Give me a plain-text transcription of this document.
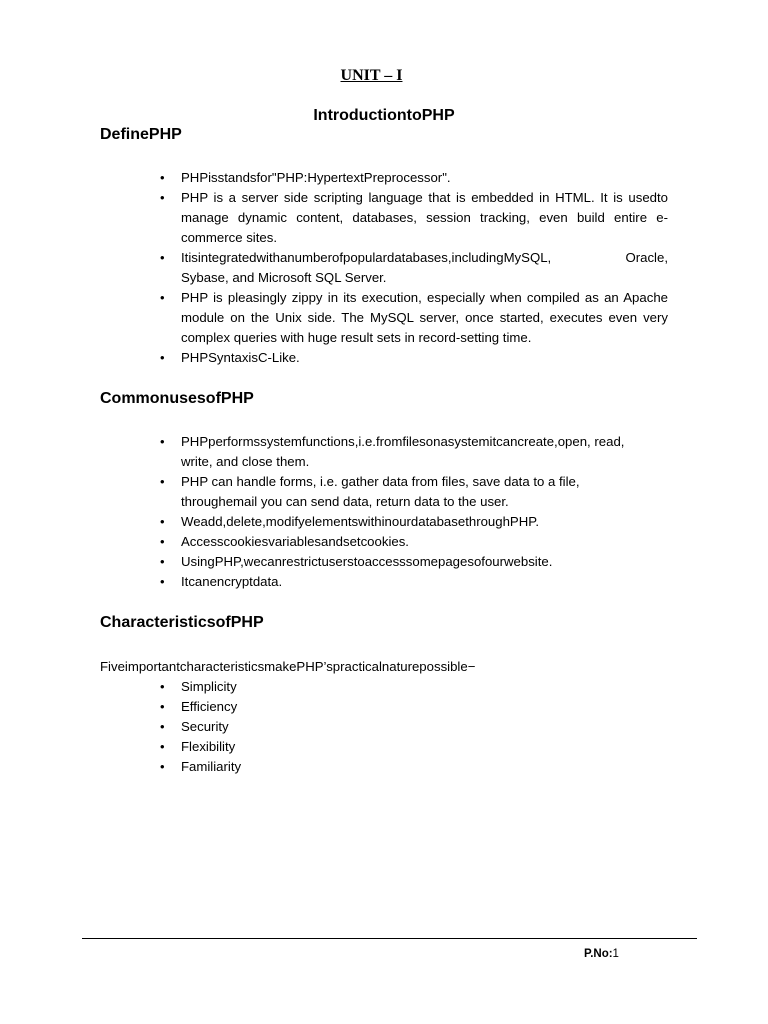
UNIT – I
IntroductiontoPHP
DefinePHP
• PHPisstandsfor"PHP:HypertextPreprocessor".
• PHP is a server side scripting language that is embedded in HTML. It is usedto manage dynamic content, databases, session tracking, even build entire e-commerce sites.
• Itisintegratedwithanumberofpopulardatabases,includingMySQL,	Oracle,
Sybase, and Microsoft SQL Server.
• PHP is pleasingly zippy in its execution, especially when compiled as an Apache module on the Unix side. The MySQL server, once started, executes even very complex queries with huge result sets in record-setting time.
• PHPSyntaxisC-Like.
CommonusesofPHP
• PHPperformssystemfunctions,i.e.fromfilesonasystemitcancreate,open, read,
write, and close them.
• PHP can handle forms, i.e. gather data from files, save data to a file,
throughemail you can send data, return data to the user.
• Weadd,delete,modifyelementswithinourdatabasethroughPHP.
• Accesscookiesvariablesandsetcookies.
• UsingPHP,wecanrestrictuserstoaccesssomepagesofourwebsite.
• Itcanencryptdata.
CharacteristicsofPHP
FiveimportantcharacteristicsmakePHP’spracticalnaturepossible−
• Simplicity
• Efficiency
• Security
• Flexibility
• Familiarity
P.No:1
